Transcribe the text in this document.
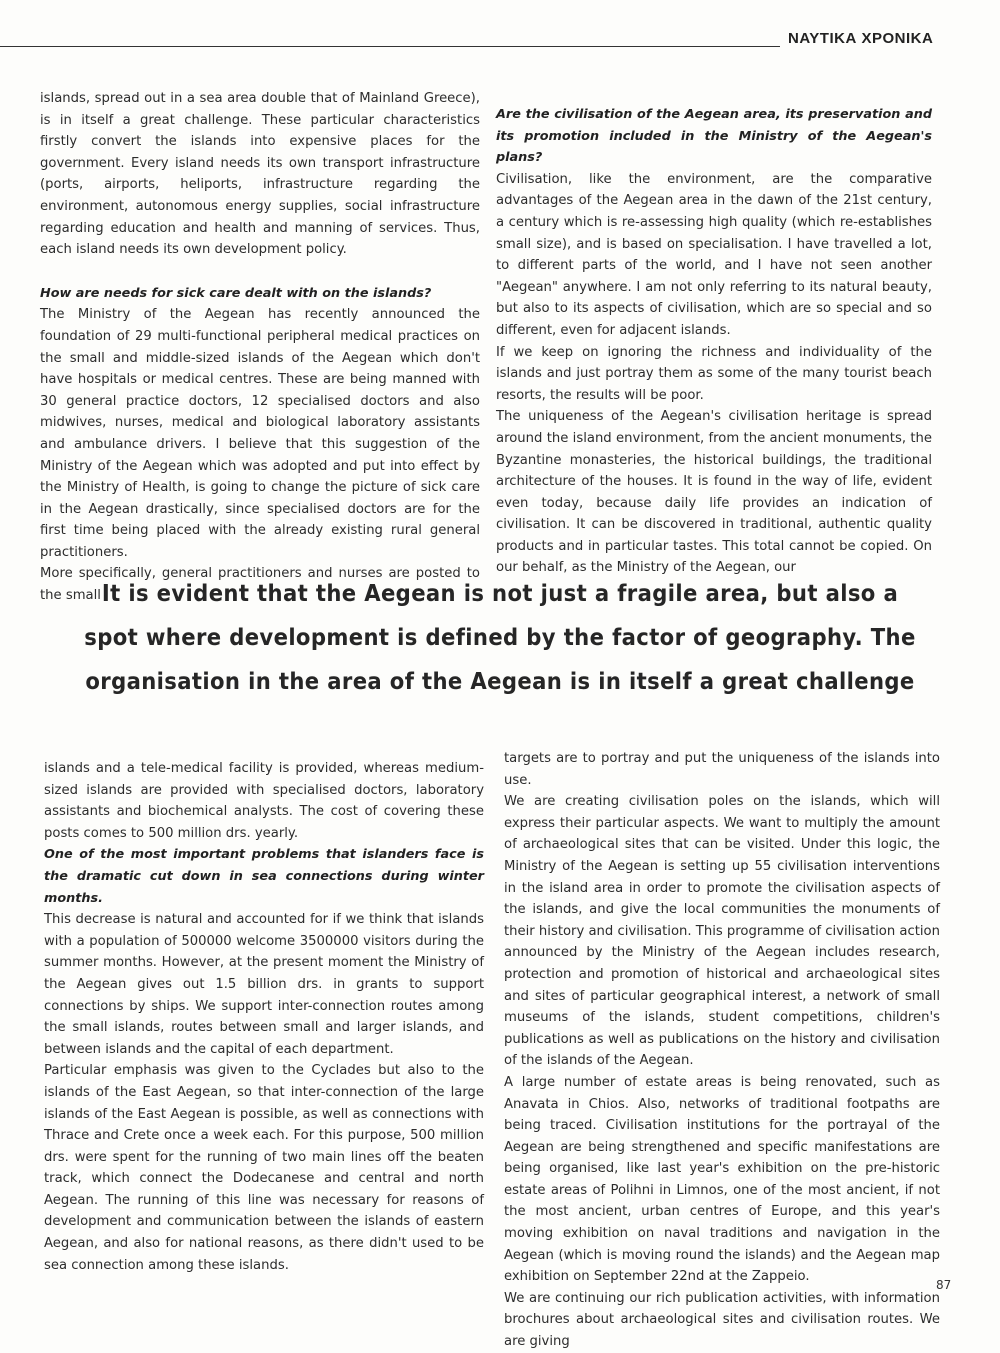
ΝΑΥΤΙΚΑ ΧΡΟΝΙΚΑ

islands, spread out in a sea area double that of Mainland Greece), is in itself a great challenge. These particular characteristics firstly convert the islands into expensive places for the government. Every island needs its own transport infrastructure (ports, airports, heliports, infrastructure regarding the environment, autonomous energy supplies, social infrastructure regarding education and health and manning of services. Thus, each island needs its own development policy.

How are needs for sick care dealt with on the islands?

The Ministry of the Aegean has recently announced the foundation of 29 multi-functional peripheral medical practices on the small and middle-sized islands of the Aegean which don't have hospitals or medical centres. These are being manned with 30 general practice doctors, 12 specialised doctors and also midwives, nurses, medical and biological laboratory assistants and ambulance drivers. I believe that this suggestion of the Ministry of the Aegean which was adopted and put into effect by the Ministry of Health, is going to change the picture of sick care in the Aegean drastically, since specialised doctors are for the first time being placed with the already existing rural general practitioners.

More specifically, general practitioners and nurses are posted to the small

Are the civilisation of the Aegean area, its preservation and its promotion included in the Ministry of the Aegean's plans?

Civilisation, like the environment, are the comparative advantages of the Aegean area in the dawn of the 21st century, a century which is re-assessing high quality (which re-establishes small size), and is based on specialisation. I have travelled a lot, to different parts of the world, and I have not seen another "Aegean" anywhere. I am not only referring to its natural beauty, but also to its aspects of civilisation, which are so special and so different, even for adjacent islands.

If we keep on ignoring the richness and individuality of the islands and just portray them as some of the many tourist beach resorts, the results will be poor.

The uniqueness of the Aegean's civilisation heritage is spread around the island environment, from the ancient monuments, the Byzantine monasteries, the historical buildings, the traditional architecture of the houses. It is found in the way of life, evident even today, because daily life provides an indication of civilisation. It can be discovered in traditional, authentic quality products and in particular tastes. This total cannot be copied. On our behalf, as the Ministry of the Aegean, our

It is evident that the Aegean is not just a fragile area, but also a spot where development is defined by the factor of geography. The organisation in the area of the Aegean is in itself a great challenge

islands and a tele-medical facility is provided, whereas medium-sized islands are provided with specialised doctors, laboratory assistants and biochemical analysts. The cost of covering these posts comes to 500 million drs. yearly.

One of the most important problems that islanders face is the dramatic cut down in sea connections during winter months.

This decrease is natural and accounted for if we think that islands with a population of 500000 welcome 3500000 visitors during the summer months. However, at the present moment the Ministry of the Aegean gives out 1.5 billion drs. in grants to support connections by ships. We support inter-connection routes among the small islands, routes between small and larger islands, and between islands and the capital of each department.

Particular emphasis was given to the Cyclades but also to the islands of the East Aegean, so that inter-connection of the large islands of the East Aegean is possible, as well as connections with Thrace and Crete once a week each. For this purpose, 500 million drs. were spent for the running of two main lines off the beaten track, which connect the Dodecanese and central and north Aegean. The running of this line was necessary for reasons of development and communication between the islands of eastern Aegean, and also for national reasons, as there didn't used to be sea connection among these islands.

targets are to portray and put the uniqueness of the islands into use.

We are creating civilisation poles on the islands, which will express their particular aspects. We want to multiply the amount of archaeological sites that can be visited. Under this logic, the Ministry of the Aegean is setting up 55 civilisation interventions in the island area in order to promote the civilisation aspects of the islands, and give the local communities the monuments of their history and civilisation. This programme of civilisation action announced by the Ministry of the Aegean includes research, protection and promotion of historical and archaeological sites and sites of particular geographical interest, a network of small museums of the islands, student competitions, children's publications as well as publications on the history and civilisation of the islands of the Aegean.

A large number of estate areas is being renovated, such as Anavata in Chios. Also, networks of traditional footpaths are being traced. Civilisation institutions for the portrayal of the Aegean are being strengthened and specific manifestations are being organised, like last year's exhibition on the pre-historic estate areas of Polihni in Limnos, one of the most ancient, if not the most ancient, urban centres of Europe, and this year's moving exhibition on naval traditions and navigation in the Aegean (which is moving round the islands) and the Aegean map exhibition on September 22nd at the Zappeio.

We are continuing our rich publication activities, with information brochures about archaeological sites and civilisation routes. We are giving

87
